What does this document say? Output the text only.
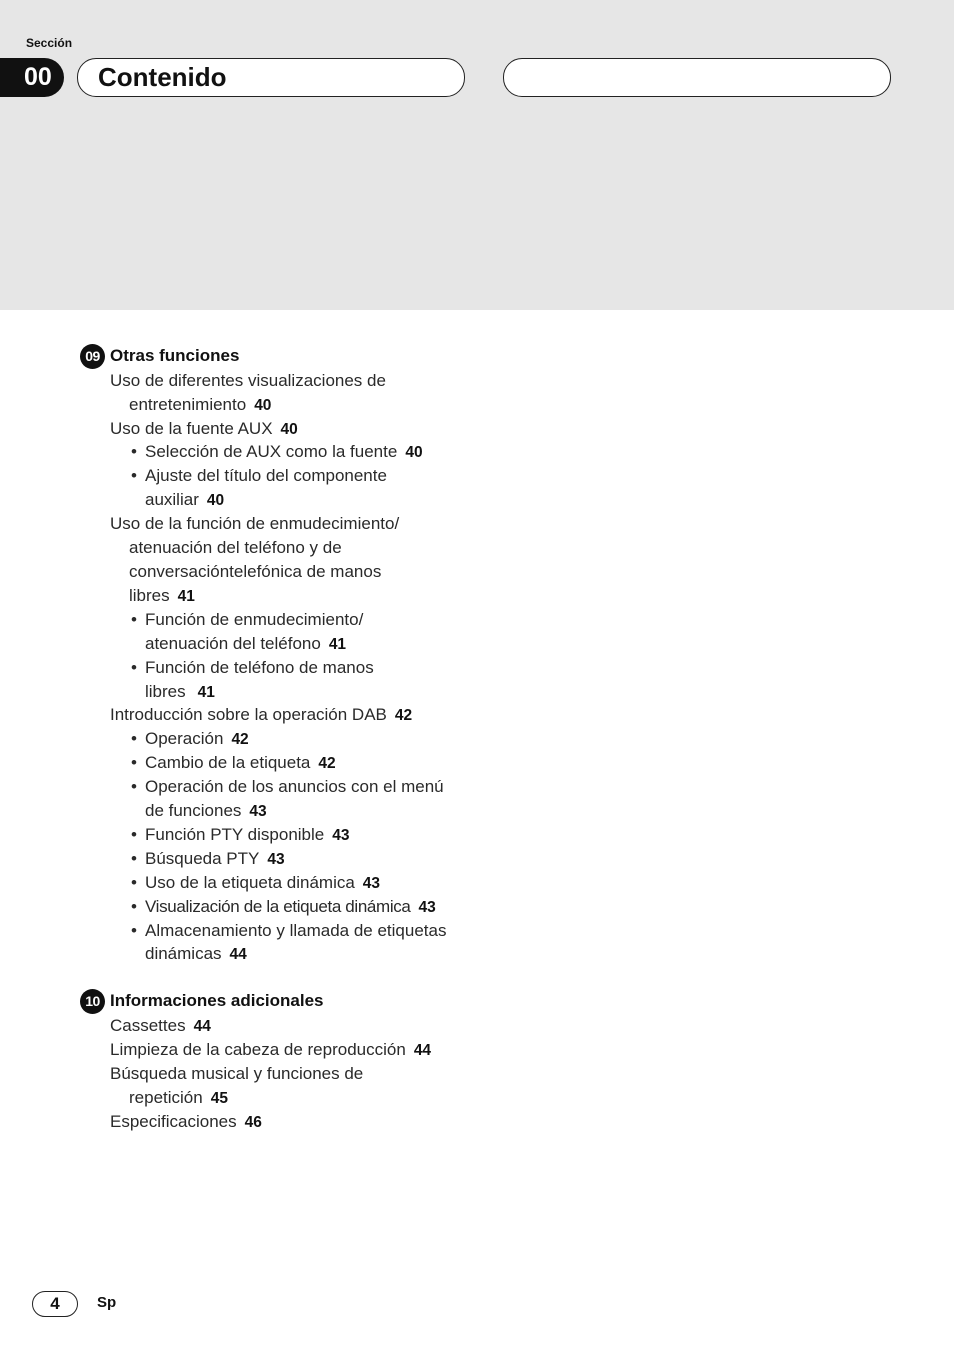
Sección
00	Contenido
09 Otras funciones
Uso de diferentes visualizaciones de
entretenimiento 40
Uso de la fuente AUX 40
• Selección de AUX como la fuente 40
• Ajuste del título del componente
auxiliar 40
Uso de la función de enmudecimiento/
atenuación del teléfono y de
conversacióntelefónica de manos
libres 41
• Función de enmudecimiento/
atenuación del teléfono 41
• Función de teléfono de manos
libres 41
Introducción sobre la operación DAB 42
• Operación 42
• Cambio de la etiqueta 42
• Operación de los anuncios con el menú
de funciones 43
• Función PTY disponible 43
• Búsqueda PTY 43
• Uso de la etiqueta dinámica 43
• Visualización de la etiqueta dinámica 43
• Almacenamiento y llamada de etiquetas
dinámicas 44
10 Informaciones adicionales
Cassettes 44
Limpieza de la cabeza de reproducción 44
Búsqueda musical y funciones de
repetición 45
Especificaciones 46
4	Sp
